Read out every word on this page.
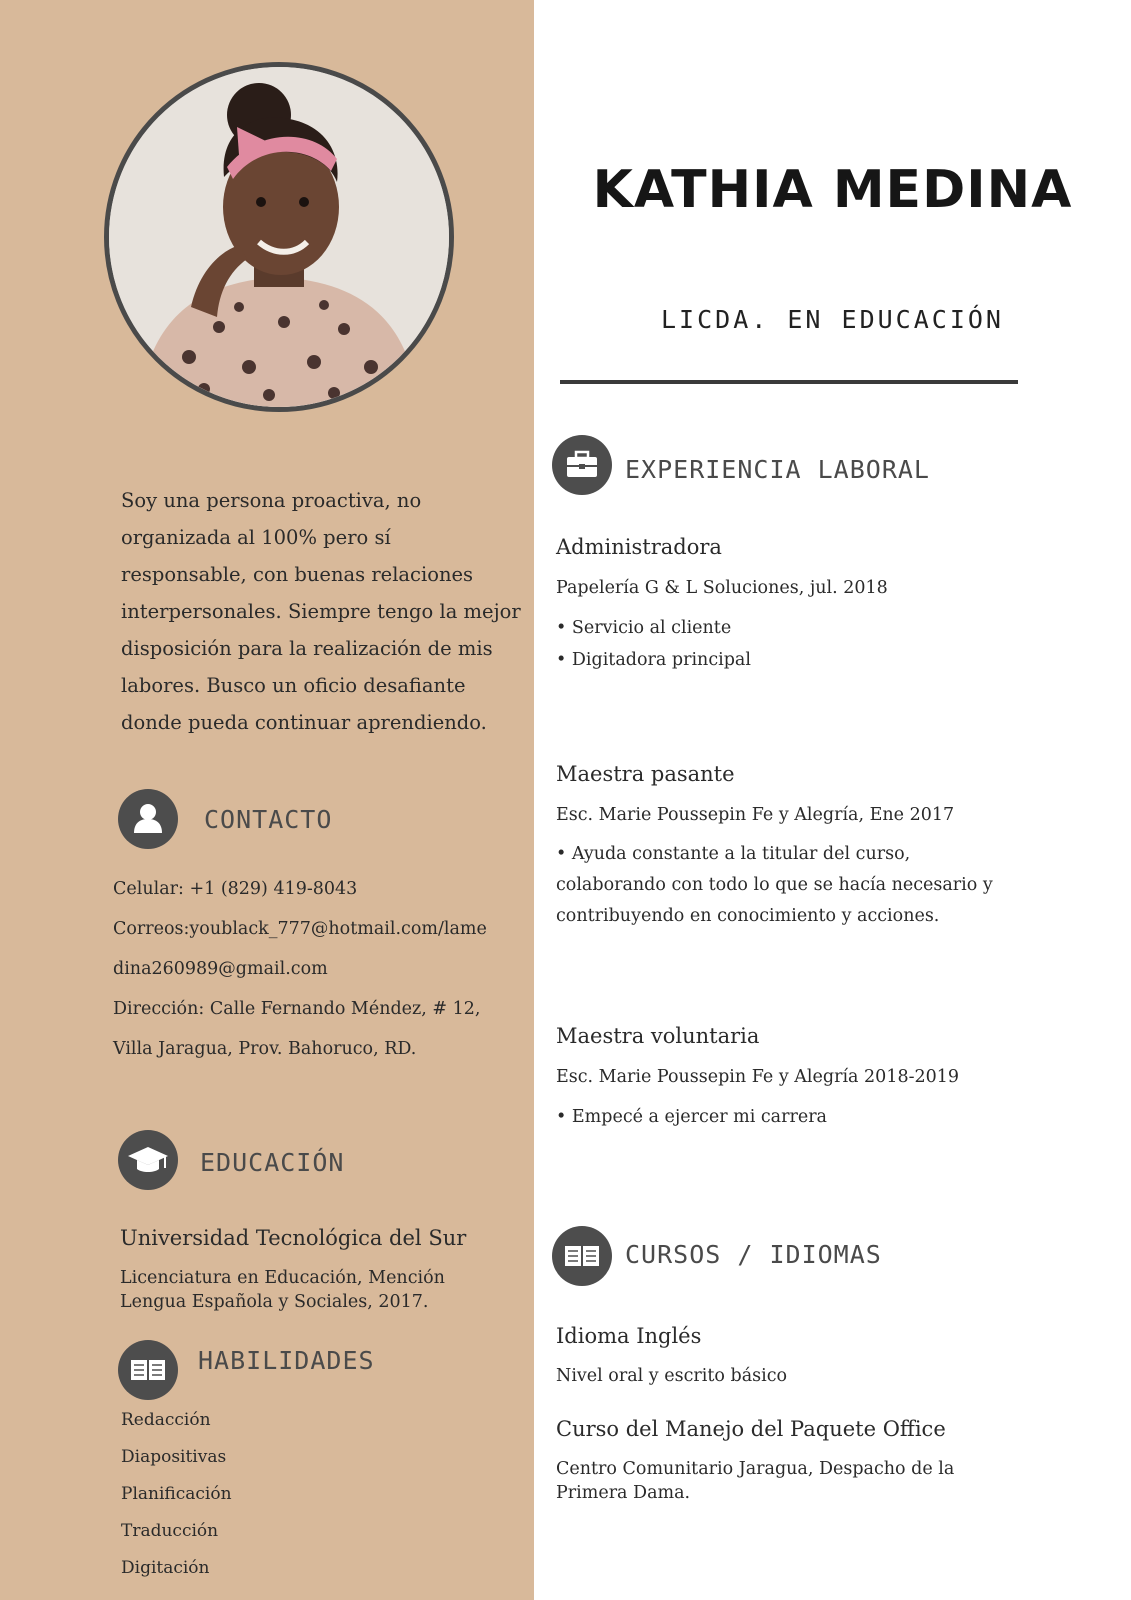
KATHIA MEDINA
LICDA. EN EDUCACIÓN
Soy una persona proactiva, no organizada al 100% pero sí responsable, con buenas relaciones interpersonales. Siempre tengo la mejor disposición para la realización de mis labores. Busco un oficio desafiante donde pueda continuar aprendiendo.
CONTACTO
Celular: +1 (829) 419-8043
Correos:youblack_777@hotmail.com/lame
dina260989@gmail.com
Dirección: Calle Fernando Méndez, # 12,
Villa Jaragua, Prov. Bahoruco, RD.
EDUCACIÓN
Universidad Tecnológica del Sur
Licenciatura en Educación, Mención Lengua Española y Sociales, 2017.
HABILIDADES
Redacción
Diapositivas
Planificación
Traducción
Digitación
EXPERIENCIA LABORAL
Administradora
Papelería G & L Soluciones, jul. 2018
• Servicio al cliente
• Digitadora principal
Maestra pasante
Esc. Marie Poussepin Fe y Alegría, Ene 2017
• Ayuda constante a la titular del curso, colaborando con todo lo que se hacía necesario y contribuyendo en conocimiento y acciones.
Maestra voluntaria
Esc. Marie Poussepin Fe y Alegría 2018-2019
• Empecé a ejercer mi carrera
CURSOS / IDIOMAS
Idioma Inglés
Nivel oral y escrito básico
Curso del Manejo del Paquete Office
Centro Comunitario Jaragua, Despacho de la Primera Dama.
